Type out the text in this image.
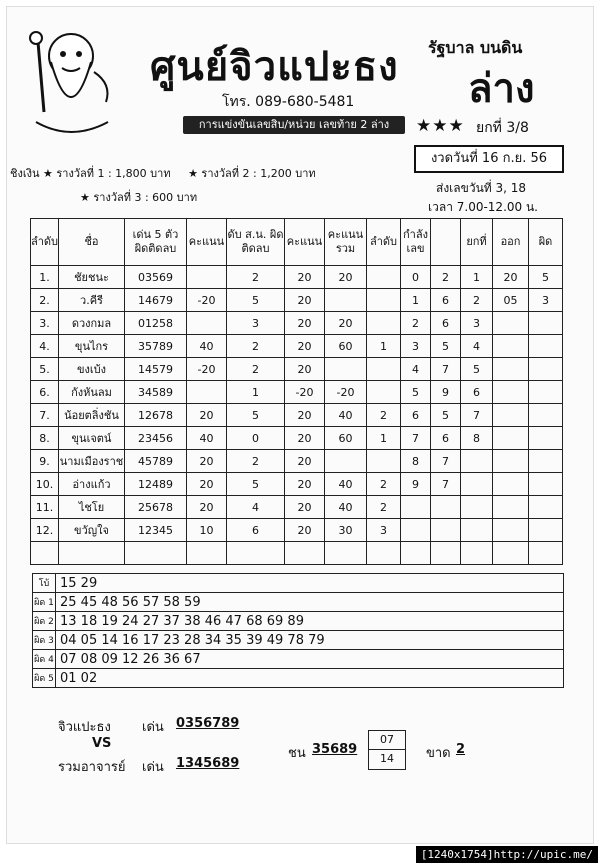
ศูนย์จิวแปะธง
โทร. 089-680-5481
รัฐบาล บนดิน
ล่าง
การแข่งขันเลขสิบ/หน่วย เลขท้าย 2 ล่าง	★★★ ยกที่ 3/8
ชิงเงิน ★ รางวัลที่ 1 : 1,800 บาท ★ รางวัลที่ 2 : 1,200 บาท
★ รางวัลที่ 3 : 600 บาท
งวดวันที่ 16 ก.ย. 56
ส่งเลขวันที่ 3, 18
เวลา 7.00-12.00 น.
ลำดับ	ชื่อ	เด่น 5 ตัว ผิดติดลบ	คะแนน	ดับ ส.น. ผิดติดลบ	คะแนน	คะแนน รวม	ลำดับ	กำลังเลข		ยกที่	ออก	ผิด
1.	ชัยชนะ	03569		2	20	20		0	2	1	20	5
2.	ว.คีรี	14679	-20	5	20			1	6	2	05	3
3.	ดวงกมล	01258		3	20	20		2	6	3		
4.	ขุนไกร	35789	40	2	20	60	1	3	5	4		
5.	ขงเบ้ง	14579	-20	2	20			4	7	5		
6.	กังหันลม	34589		1	-20	-20		5	9	6		
7.	น้อยตลิ่งชัน	12678	20	5	20	40	2	6	5	7		
8.	ขุนเจตน์	23456	40	0	20	60	1	7	6	8		
9.	นามเมืองราช	45789	20	2	20			8	7			
10.	อ่างแก้ว	12489	20	5	20	40	2	9	7			
11.	ไชโย	25678	20	4	20	40	2					
12.	ขวัญใจ	12345	10	6	20	30	3					

โบ้	15 29
ผิด 1	25 45 48 56 57 58 59
ผิด 2	13 18 19 24 27 37 38 46 47 68 69 89
ผิด 3	04 05 14 16 17 23 28 34 35 39 49 78 79
ผิด 4	07 08 09 12 26 36 67
ผิด 5	01 02
จิวแปะธง เด่น 0356789
VS
รวมอาจารย์ เด่น 1345689
ชน $35689 \frac{07}{14}$ ขาด 2
[1240x1754]http://upic.me/
